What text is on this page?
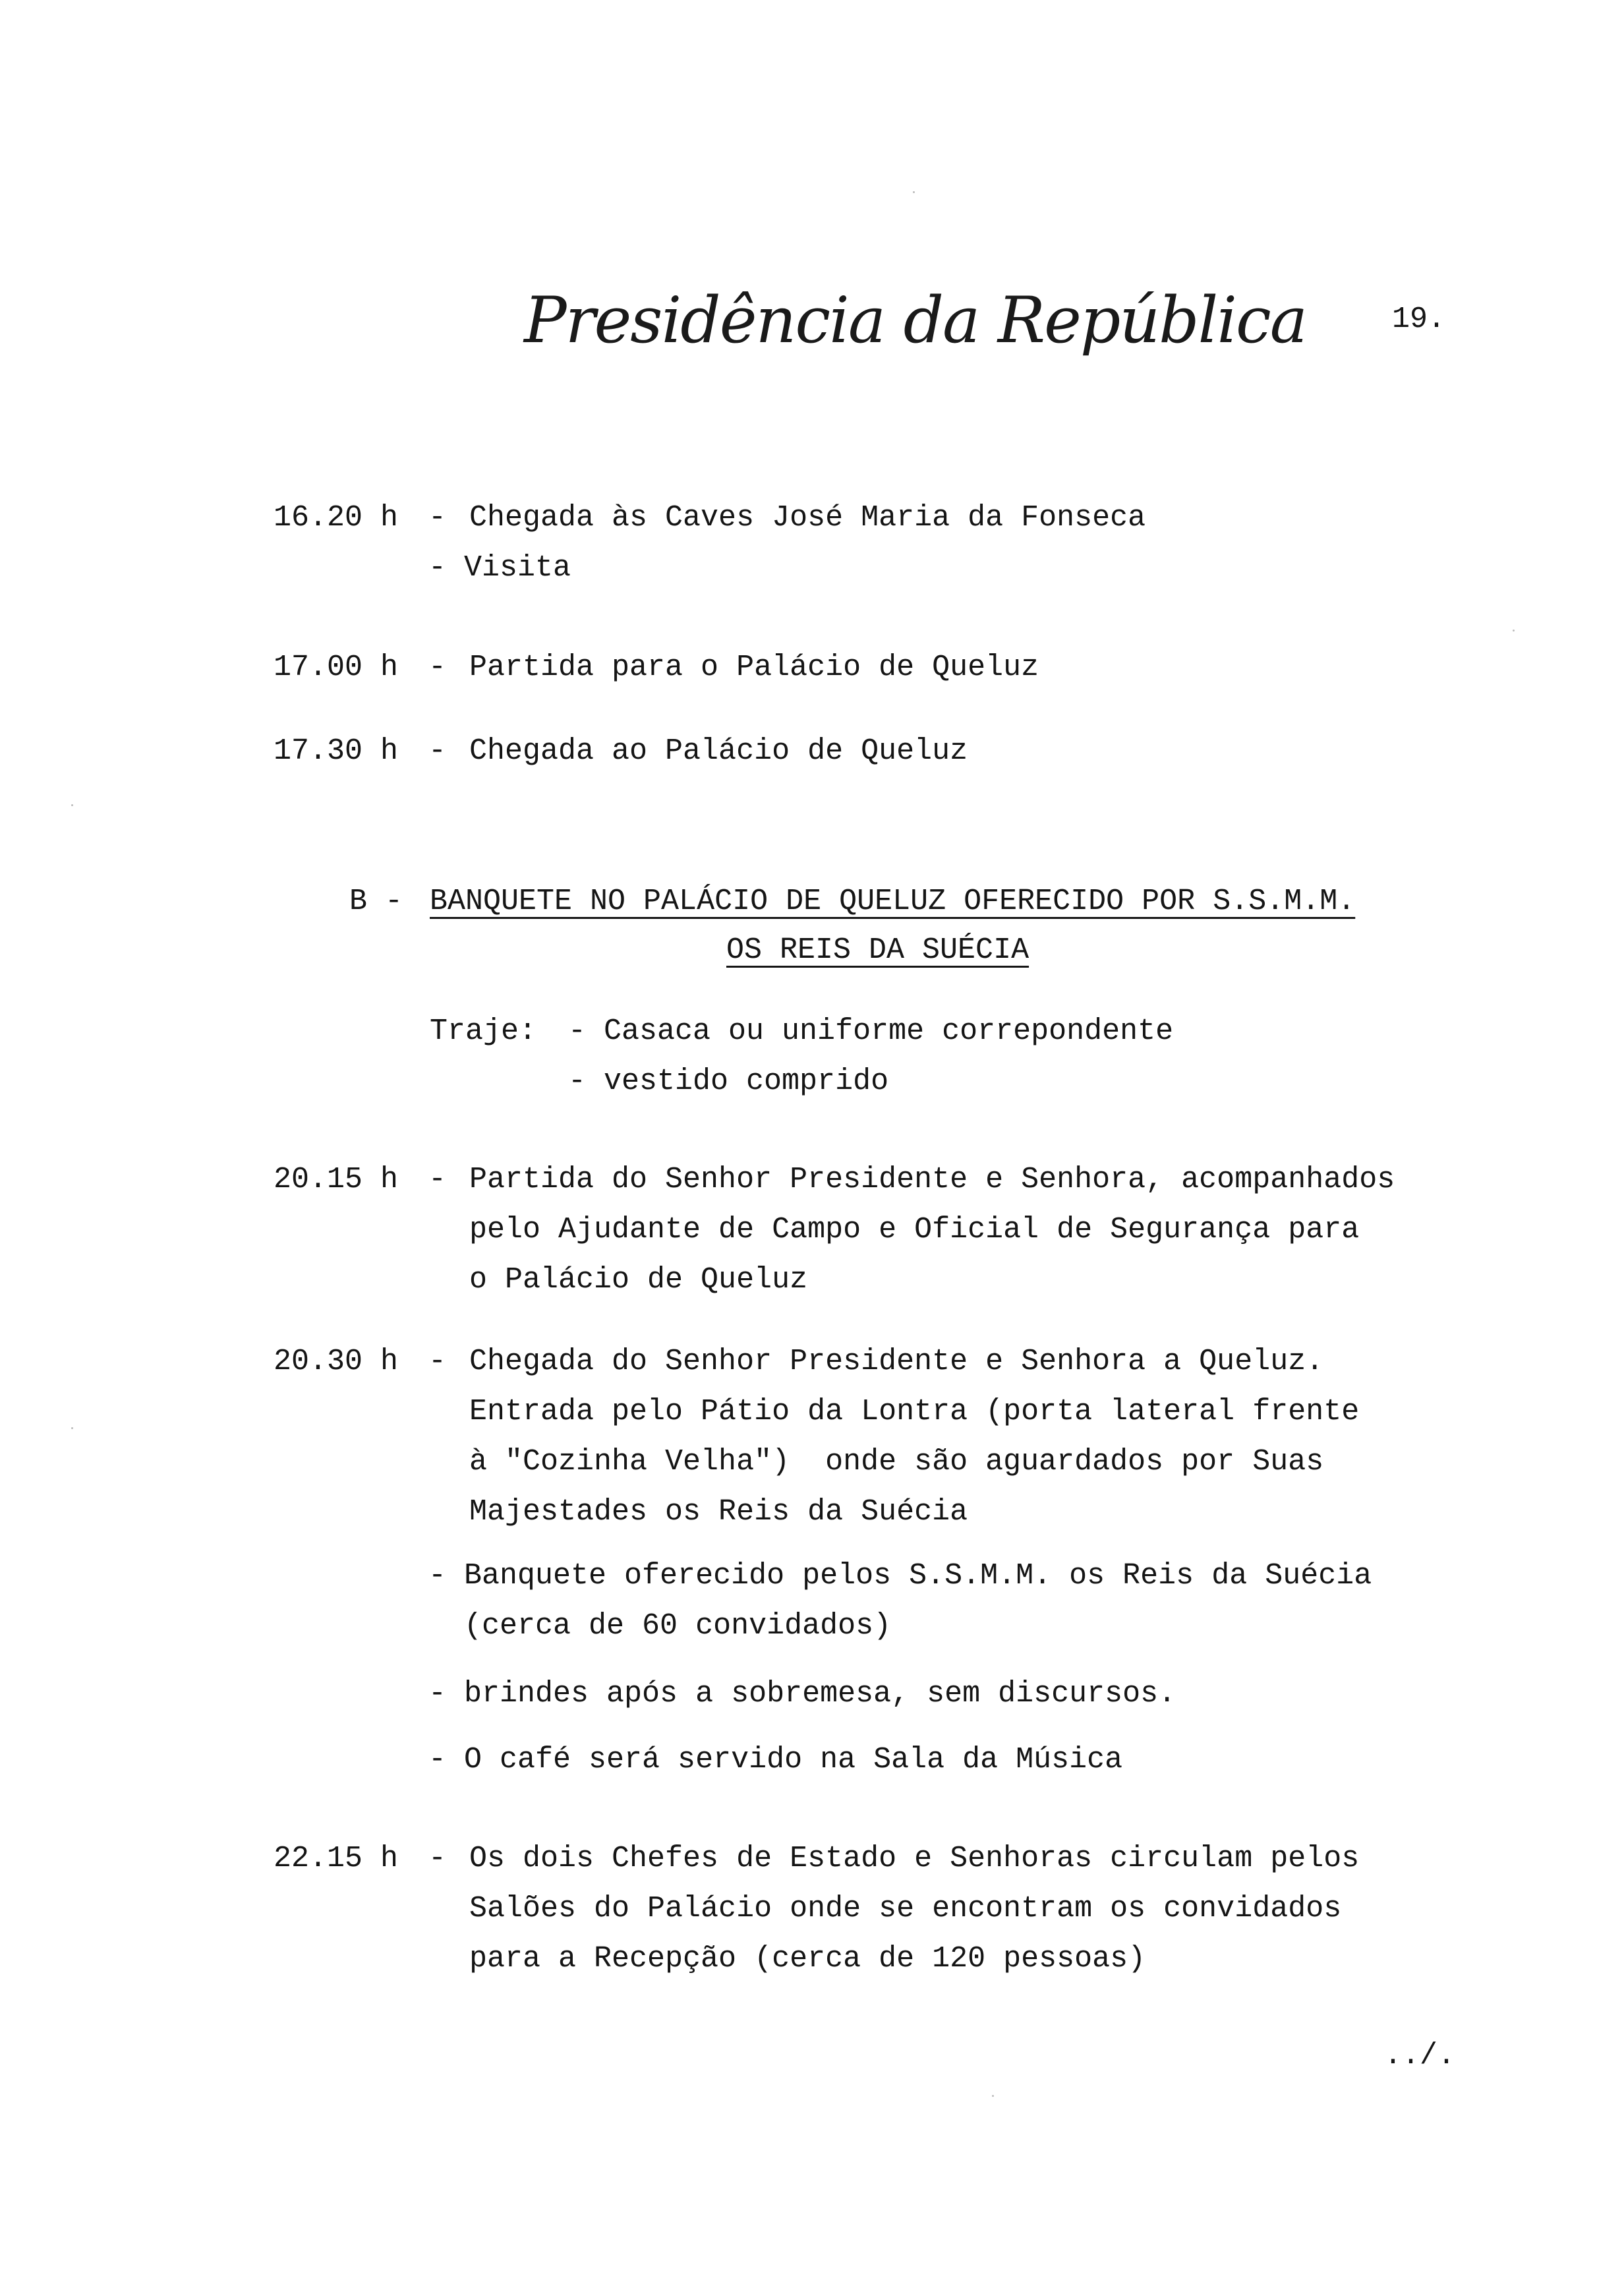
Presidência da República	19.
16.20 h - Chegada às Caves José Maria da Fonseca
- Visita
17.00 h - Partida para o Palácio de Queluz
17.30 h - Chegada ao Palácio de Queluz
B - BANQUETE NO PALÁCIO DE QUELUZ OFERECIDO POR S.S.M.M.
OS REIS DA SUÉCIA
Traje: - Casaca ou uniforme correpondente
- vestido comprido
20.15 h - Partida do Senhor Presidente e Senhora, acompanhados
pelo Ajudante de Campo e Oficial de Segurança para
o Palácio de Queluz
20.30 h - Chegada do Senhor Presidente e Senhora a Queluz.
Entrada pelo Pátio da Lontra (porta lateral frente
à "Cozinha Velha")  onde são aguardados por Suas
Majestades os Reis da Suécia
- Banquete oferecido pelos S.S.M.M. os Reis da Suécia
(cerca de 60 convidados)
- brindes após a sobremesa, sem discursos.
- O café será servido na Sala da Música
22.15 h - Os dois Chefes de Estado e Senhoras circulam pelos
Salões do Palácio onde se encontram os convidados
para a Recepção (cerca de 120 pessoas)
../.
